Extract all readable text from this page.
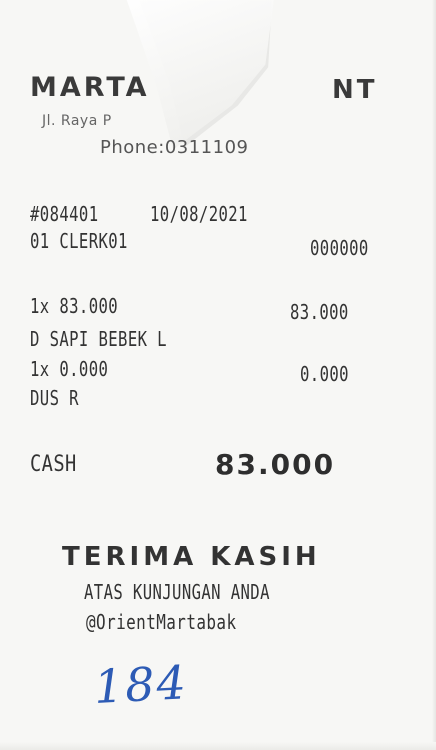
MARTA	NT
Jl. Raya P
Phone:0311109
#084401	10/08/2021
01 CLERK01	000000
1x 83.000	83.000
D SAPI BEBEK L
1x 0.000	0.000
DUS R
CASH	83.000
TERIMA KASIH
ATAS KUNJUNGAN ANDA
@OrientMartabak
184
